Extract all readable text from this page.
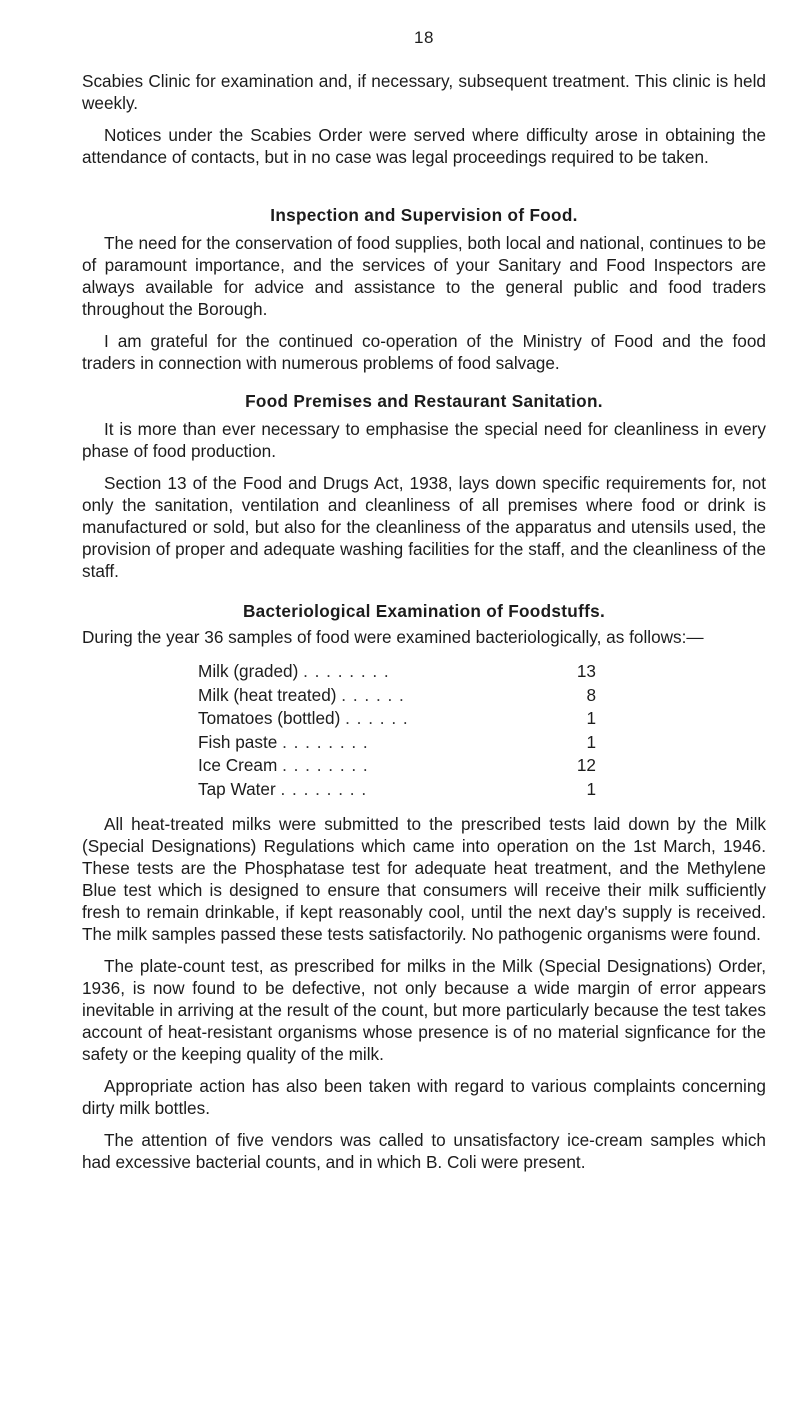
18

Scabies Clinic for examination and, if necessary, subsequent treatment. This clinic is held weekly.

Notices under the Scabies Order were served where difficulty arose in obtaining the attendance of contacts, but in no case was legal proceedings required to be taken.

Inspection and Supervision of Food.

The need for the conservation of food supplies, both local and national, continues to be of paramount importance, and the services of your Sanitary and Food Inspectors are always available for advice and assistance to the general public and food traders throughout the Borough.

I am grateful for the continued co-operation of the Ministry of Food and the food traders in connection with numerous problems of food salvage.

Food Premises and Restaurant Sanitation.

It is more than ever necessary to emphasise the special need for cleanliness in every phase of food production.

Section 13 of the Food and Drugs Act, 1938, lays down specific requirements for, not only the sanitation, ventilation and cleanliness of all premises where food or drink is manufactured or sold, but also for the cleanliness of the apparatus and utensils used, the provision of proper and adequate washing facilities for the staff, and the cleanliness of the staff.

Bacteriological Examination of Foodstuffs.

During the year 36 samples of food were examined bacteriologically, as follows:—

Milk (graded) . . . . . . . .	13
Milk (heat treated) . . . . . .	8
Tomatoes (bottled) . . . . . .	1
Fish paste . . . . . . . .	1
Ice Cream . . . . . . . .	12
Tap Water . . . . . . . .	1

All heat-treated milks were submitted to the prescribed tests laid down by the Milk (Special Designations) Regulations which came into operation on the 1st March, 1946. These tests are the Phosphatase test for adequate heat treatment, and the Methylene Blue test which is designed to ensure that consumers will receive their milk sufficiently fresh to remain drinkable, if kept reasonably cool, until the next day's supply is received. The milk samples passed these tests satisfactorily. No pathogenic organisms were found.

The plate-count test, as prescribed for milks in the Milk (Special Designations) Order, 1936, is now found to be defective, not only because a wide margin of error appears inevitable in arriving at the result of the count, but more particularly because the test takes account of heat-resistant organisms whose presence is of no material signficance for the safety or the keeping quality of the milk.

Appropriate action has also been taken with regard to various complaints concerning dirty milk bottles.

The attention of five vendors was called to unsatisfactory ice-cream samples which had excessive bacterial counts, and in which B. Coli were present.
